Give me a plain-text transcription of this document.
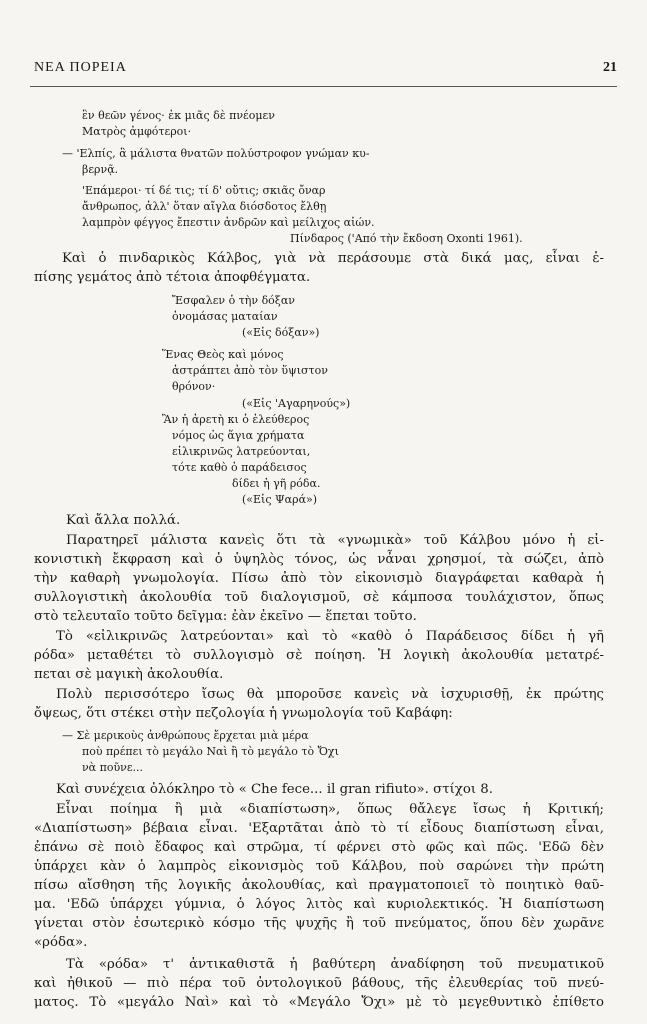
ΝΕΑ ΠΟΡΕΙΑ	21
ἓν θεῶν γένος· ἐκ μιᾶς δὲ πνέομεν
Ματρὸς ἀμφότεροι·
— 'Ελπίς, ἃ μάλιστα θνατῶν πολύστροφον γνώμαν κυ-
βερνᾷ.
'Επάμεροι· τί δέ τις; τί δ' οὔτις; σκιᾶς ὄναρ
ἄνθρωπος, ἀλλ' ὅταν αἴγλα διόσδοτος ἔλθῃ
λαμπρὸν φέγγος ἔπεστιν ἀνδρῶν καὶ μείλιχος αἰών.
Πίνδαρος ('Από τὴν ἔκδοση Oxonti 1961).
Καὶ ὁ πινδαρικὸς Κάλβος, γιὰ νὰ περάσουμε στὰ δικά μας, εἶναι ἐ-
πίσης γεμάτος ἀπὸ τέτοια ἀποφθέγματα.
Ἔσφαλεν ὁ τὴν δόξαν
ὀνομάσας ματαίαν
(«Εἰς δόξαν»)
Ἕνας Θεὸς καὶ μόνος
ἀστράπτει ἀπὸ τὸν ὕψιστον
θρόνον·
(«Εἰς 'Αγαρηνούς»)
Ἂν ἡ ἀρετὴ κι ὁ ἐλεύθερος
νόμος ὡς ἅγια χρήματα
εἰλικρινῶς λατρεύονται,
τότε καθὸ ὁ παράδεισος
δίδει ἡ γῆ ρόδα.
(«Εἰς Ψαρά»)
Καὶ ἄλλα πολλά.
Παρατηρεῖ μάλιστα κανεὶς ὅτι τὰ «γνωμικὰ» τοῦ Κάλβου μόνο ἡ εἰ-
κονιστικὴ ἔκφραση καὶ ὁ ὑψηλὸς τόνος, ὡς νἆναι χρησμοί, τὰ σώζει, ἀπὸ
τὴν καθαρὴ γνωμολογία. Πίσω ἀπὸ τὸν εἰκονισμὸ διαγράφεται καθαρὰ ἡ
συλλογιστικὴ ἀκολουθία τοῦ διαλογισμοῦ, σὲ κάμποσα τουλάχιστον, ὅπως
στὸ τελευταῖο τοῦτο δεῖγμα: ἐὰν ἐκεῖνο — ἕπεται τοῦτο.
Τὸ «εἰλικρινῶς λατρεύονται» καὶ τὸ «καθὸ ὁ Παράδεισος δίδει ἡ γῆ
ρόδα» μεταθέτει τὸ συλλογισμὸ σὲ ποίηση. Ἡ λογικὴ ἀκολουθία μετατρέ-
πεται σὲ μαγικὴ ἀκολουθία.
Πολὺ περισσότερο ἴσως θὰ μποροῦσε κανεὶς νὰ ἰσχυρισθῇ, ἐκ πρώτης
ὄψεως, ὅτι στέκει στὴν πεζολογία ἡ γνωμολογία τοῦ Καβάφη:
— Σὲ μερικοὺς ἀνθρώπους ἔρχεται μιὰ μέρα
ποὺ πρέπει τὸ μεγάλο Ναὶ ἢ τὸ μεγάλο τὸ Ὄχι
νὰ ποῦνε...
Καὶ συνέχεια ὁλόκληρο τὸ « Che fece... il gran rifiuto». στίχοι 8.
Εἶναι ποίημα ἢ μιὰ «διαπίστωση», ὅπως θἄλεγε ἴσως ἡ Κριτική;
«Διαπίστωση» βέβαια εἶναι. 'Εξαρτᾶται ἀπὸ τὸ τί εἶδους διαπίστωση εἶναι,
ἐπάνω σὲ ποιὸ ἔδαφος καὶ στρῶμα, τί φέρνει στὸ φῶς καὶ πῶς. 'Εδῶ δὲν
ὑπάρχει κὰν ὁ λαμπρὸς εἰκονισμὸς τοῦ Κάλβου, ποὺ σαρώνει τὴν πρώτη
πίσω αἴσθηση τῆς λογικῆς ἀκολουθίας, καὶ πραγματοποιεῖ τὸ ποιητικὸ θαῦ-
μα. 'Εδῶ ὑπάρχει γύμνια, ὁ λόγος λιτὸς καὶ κυριολεκτικός. Ἡ διαπίστωση
γίνεται στὸν ἐσωτερικὸ κόσμο τῆς ψυχῆς ἢ τοῦ πνεύματος, ὅπου δὲν χωρᾶνε
«ρόδα».
Τὰ «ρόδα» τ' ἀντικαθιστᾶ ἡ βαθύτερη ἀναδίφηση τοῦ πνευματικοῦ
καὶ ἠθικοῦ — πιὸ πέρα τοῦ ὀντολογικοῦ βάθους, τῆς ἐλευθερίας τοῦ πνεύ-
ματος. Τὸ «μεγάλο Ναὶ» καὶ τὸ «Μεγάλο Ὄχι» μὲ τὸ μεγεθυντικὸ ἐπίθετο
